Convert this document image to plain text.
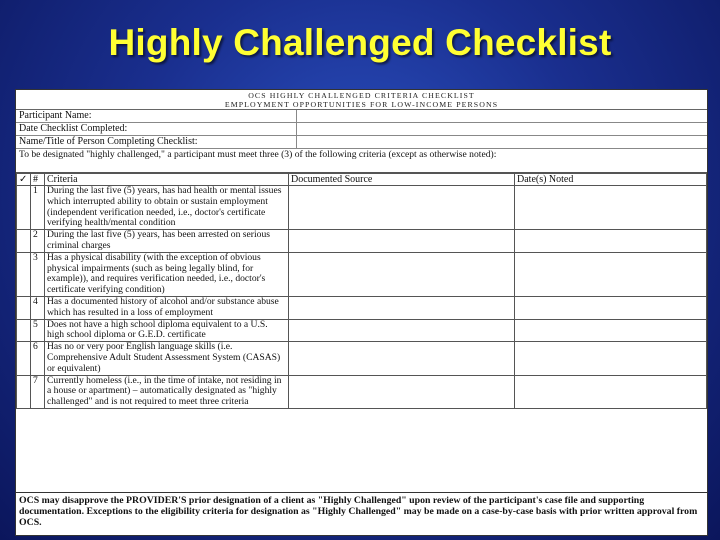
Highly Challenged Checklist
OCS HIGHLY CHALLENGED CRITERIA CHECKLIST
EMPLOYMENT OPPORTUNITIES FOR LOW-INCOME PERSONS
Participant Name:
Date Checklist Completed:
Name/Title of Person Completing Checklist:
To be designated "highly challenged," a participant must meet three (3) of the following criteria (except as otherwise noted):
✓	#	Criteria	Documented Source	Date(s) Noted
	1	During the last five (5) years, has had health or mental issues which interrupted ability to obtain or sustain employment (independent verification needed, i.e., doctor's certificate verifying health/mental condition		
	2	During the last five (5) years, has been arrested on serious criminal charges		
	3	Has a physical disability (with the exception of obvious physical impairments (such as being legally blind, for example)), and requires verification needed, i.e., doctor's certificate verifying condition)		
	4	Has a documented history of alcohol and/or substance abuse which has resulted in a loss of employment		
	5	Does not have a high school diploma equivalent to a U.S. high school diploma or G.E.D. certificate		
	6	Has no or very poor English language skills (i.e. Comprehensive Adult Student Assessment System (CASAS) or equivalent)		
	7	Currently homeless (i.e., in the time of intake, not residing in a house or apartment) – automatically designated as "highly challenged" and is not required to meet three criteria		
OCS may disapprove the PROVIDER'S prior designation of a client as "Highly Challenged" upon review of the participant's case file and supporting documentation. Exceptions to the eligibility criteria for designation as "Highly Challenged" may be made on a case-by-case basis with prior written approval from OCS.
